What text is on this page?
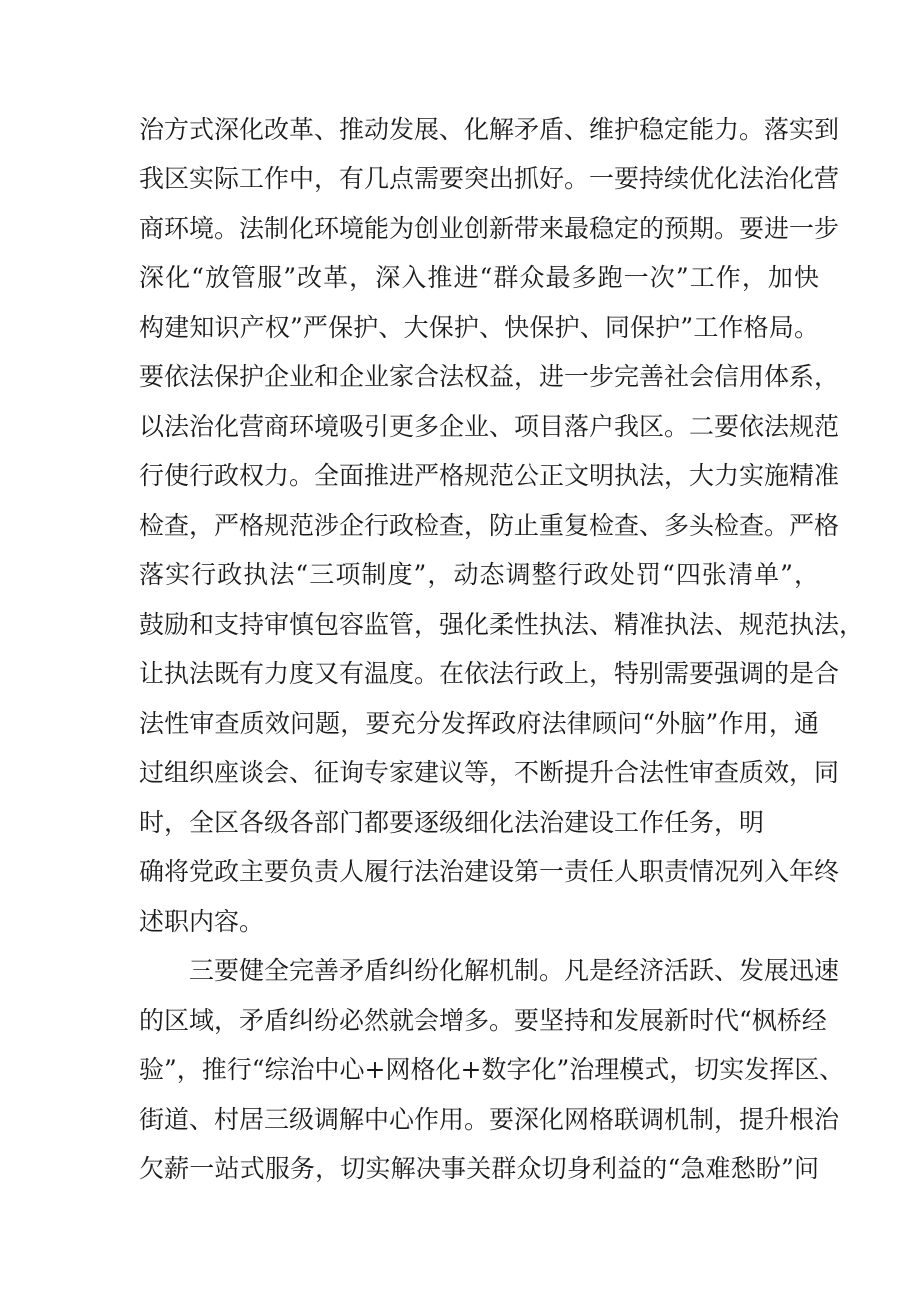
治方式深化改革、推动发展、化解矛盾、维护稳定能力。落实到
我区实际工作中，有几点需要突出抓好。一要持续优化法治化营
商环境。法制化环境能为创业创新带来最稳定的预期。要进一步
深化“放管服”改革，深入推进“群众最多跑一次”工作，加快
构建知识产权”严保护、大保护、快保护、同保护”工作格局。
要依法保护企业和企业家合法权益，进一步完善社会信用体系，
以法治化营商环境吸引更多企业、项目落户我区。二要依法规范
行使行政权力。全面推进严格规范公正文明执法，大力实施精准
检查，严格规范涉企行政检查，防止重复检查、多头检查。严格
落实行政执法“三项制度”，动态调整行政处罚“四张清单”，
鼓励和支持审慎包容监管，强化柔性执法、精准执法、规范执法，
让执法既有力度又有温度。在依法行政上，特别需要强调的是合
法性审查质效问题，要充分发挥政府法律顾问“外脑”作用，通
过组织座谈会、征询专家建议等，不断提升合法性审查质效，同
时，全区各级各部门都要逐级细化法治建设工作任务，明
确将党政主要负责人履行法治建设第一责任人职责情况列入年终
述职内容。
三要健全完善矛盾纠纷化解机制。凡是经济活跃、发展迅速
的区域，矛盾纠纷必然就会增多。要坚持和发展新时代“枫桥经
验”，推行“综治中心+网格化+数字化”治理模式，切实发挥区、
街道、村居三级调解中心作用。要深化网格联调机制，提升根治
欠薪一站式服务，切实解决事关群众切身利益的“急难愁盼”问
